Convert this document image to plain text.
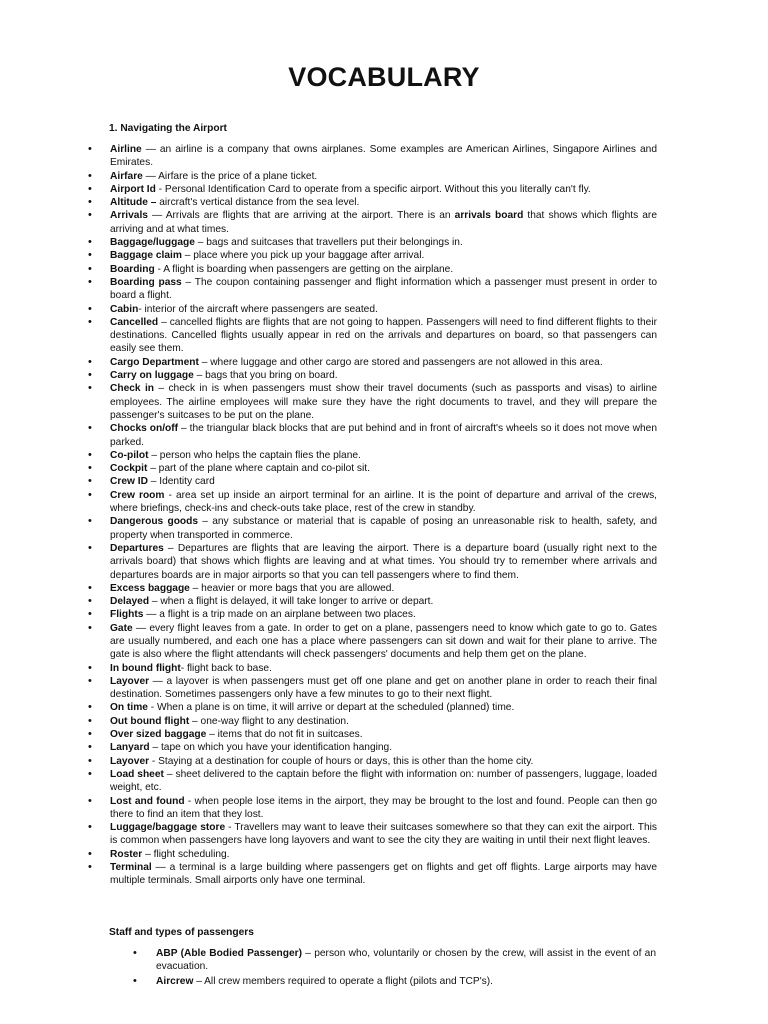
VOCABULARY
1. Navigating the Airport
• Airline — an airline is a company that owns airplanes. Some examples are American Airlines, Singapore Airlines and Emirates.
• Airfare — Airfare is the price of a plane ticket.
• Airport Id - Personal Identification Card to operate from a specific airport. Without this you literally can't fly.
• Altitude – aircraft's vertical distance from the sea level.
• Arrivals — Arrivals are flights that are arriving at the airport. There is an arrivals board that shows which flights are arriving and at what times.
• Baggage/luggage – bags and suitcases that travellers put their belongings in.
• Baggage claim – place where you pick up your baggage after arrival.
• Boarding - A flight is boarding when passengers are getting on the airplane.
• Boarding pass – The coupon containing passenger and flight information which a passenger must present in order to board a flight.
• Cabin- interior of the aircraft where passengers are seated.
• Cancelled – cancelled flights are flights that are not going to happen. Passengers will need to find different flights to their destinations. Cancelled flights usually appear in red on the arrivals and departures on board, so that passengers can easily see them.
• Cargo Department – where luggage and other cargo are stored and passengers are not allowed in this area.
• Carry on luggage – bags that you bring on board.
• Check in – check in is when passengers must show their travel documents (such as passports and visas) to airline employees. The airline employees will make sure they have the right documents to travel, and they will prepare the passenger's suitcases to be put on the plane.
• Chocks on/off – the triangular black blocks that are put behind and in front of aircraft's wheels so it does not move when parked.
• Co-pilot – person who helps the captain flies the plane.
• Cockpit – part of the plane where captain and co-pilot sit.
• Crew ID – Identity card
• Crew room - area set up inside an airport terminal for an airline. It is the point of departure and arrival of the crews, where briefings, check-ins and check-outs take place, rest of the crew in standby.
• Dangerous goods – any substance or material that is capable of posing an unreasonable risk to health, safety, and property when transported in commerce.
• Departures – Departures are flights that are leaving the airport. There is a departure board (usually right next to the arrivals board) that shows which flights are leaving and at what times. You should try to remember where arrivals and departures boards are in major airports so that you can tell passengers where to find them.
• Excess baggage – heavier or more bags that you are allowed.
• Delayed – when a flight is delayed, it will take longer to arrive or depart.
• Flights — a flight is a trip made on an airplane between two places.
• Gate — every flight leaves from a gate. In order to get on a plane, passengers need to know which gate to go to. Gates are usually numbered, and each one has a place where passengers can sit down and wait for their plane to arrive. The gate is also where the flight attendants will check passengers' documents and help them get on the plane.
• In bound flight- flight back to base.
• Layover — a layover is when passengers must get off one plane and get on another plane in order to reach their final destination. Sometimes passengers only have a few minutes to go to their next flight.
• On time - When a plane is on time, it will arrive or depart at the scheduled (planned) time.
• Out bound flight – one-way flight to any destination.
• Over sized baggage – items that do not fit in suitcases.
• Lanyard – tape on which you have your identification hanging.
• Layover - Staying at a destination for couple of hours or days, this is other than the home city.
• Load sheet – sheet delivered to the captain before the flight with information on: number of passengers, luggage, loaded weight, etc.
• Lost and found - when people lose items in the airport, they may be brought to the lost and found. People can then go there to find an item that they lost.
• Luggage/baggage store - Travellers may want to leave their suitcases somewhere so that they can exit the airport. This is common when passengers have long layovers and want to see the city they are waiting in until their next flight leaves.
• Roster – flight scheduling.
• Terminal — a terminal is a large building where passengers get on flights and get off flights. Large airports may have multiple terminals. Small airports only have one terminal.
Staff and types of passengers
• ABP (Able Bodied Passenger) – person who, voluntarily or chosen by the crew, will assist in the event of an evacuation.
• Aircrew – All crew members required to operate a flight (pilots and TCP's).
